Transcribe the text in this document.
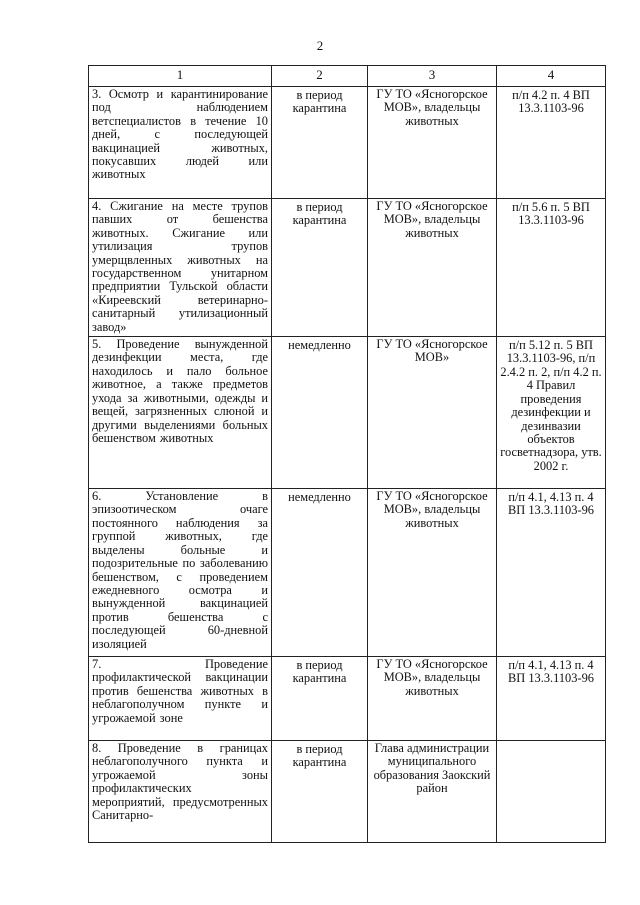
2
1	2	3	4
3. Осмотр и карантинирование под наблюдением ветспециалистов в течение 10 дней, с последующей вакцинацией животных, покусавших людей или животных	в период карантина	ГУ ТО «Ясногорское МОВ», владельцы животных	п/п 4.2 п. 4 ВП 13.3.1103-96
4. Сжигание на месте трупов павших от бешенства животных. Сжигание или утилизация трупов умерщвленных животных на государственном унитарном предприятии Тульской области «Киреевский ветеринарно-санитарный утилизационный завод»	в период карантина	ГУ ТО «Ясногорское МОВ», владельцы животных	п/п 5.6 п. 5 ВП 13.3.1103-96
5. Проведение вынужденной дезинфекции места, где находилось и пало больное животное, а также предметов ухода за животными, одежды и вещей, загрязненных слюной и другими выделениями больных бешенством животных	немедленно	ГУ ТО «Ясногорское МОВ»	п/п 5.12 п. 5 ВП 13.3.1103-96, п/п 2.4.2 п. 2, п/п 4.2 п. 4 Правил проведения дезинфекции и дезинвазии объектов госветнадзора, утв. 2002 г.
6. Установление в эпизоотическом очаге постоянного наблюдения за группой животных, где выделены больные и подозрительные по заболеванию бешенством, с проведением ежедневного осмотра и вынужденной вакцинацией против бешенства с последующей 60-дневной изоляцией	немедленно	ГУ ТО «Ясногорское МОВ», владельцы животных	п/п 4.1, 4.13 п. 4 ВП 13.3.1103-96
7. Проведение профилактической вакцинации против бешенства животных в неблагополучном пункте и угрожаемой зоне	в период карантина	ГУ ТО «Ясногорское МОВ», владельцы животных	п/п 4.1, 4.13 п. 4 ВП 13.3.1103-96
8. Проведение в границах неблагополучного пункта и угрожаемой зоны профилактических мероприятий, предусмотренных Санитарно-	в период карантина	Глава администрации муниципального образования Заокский район	
